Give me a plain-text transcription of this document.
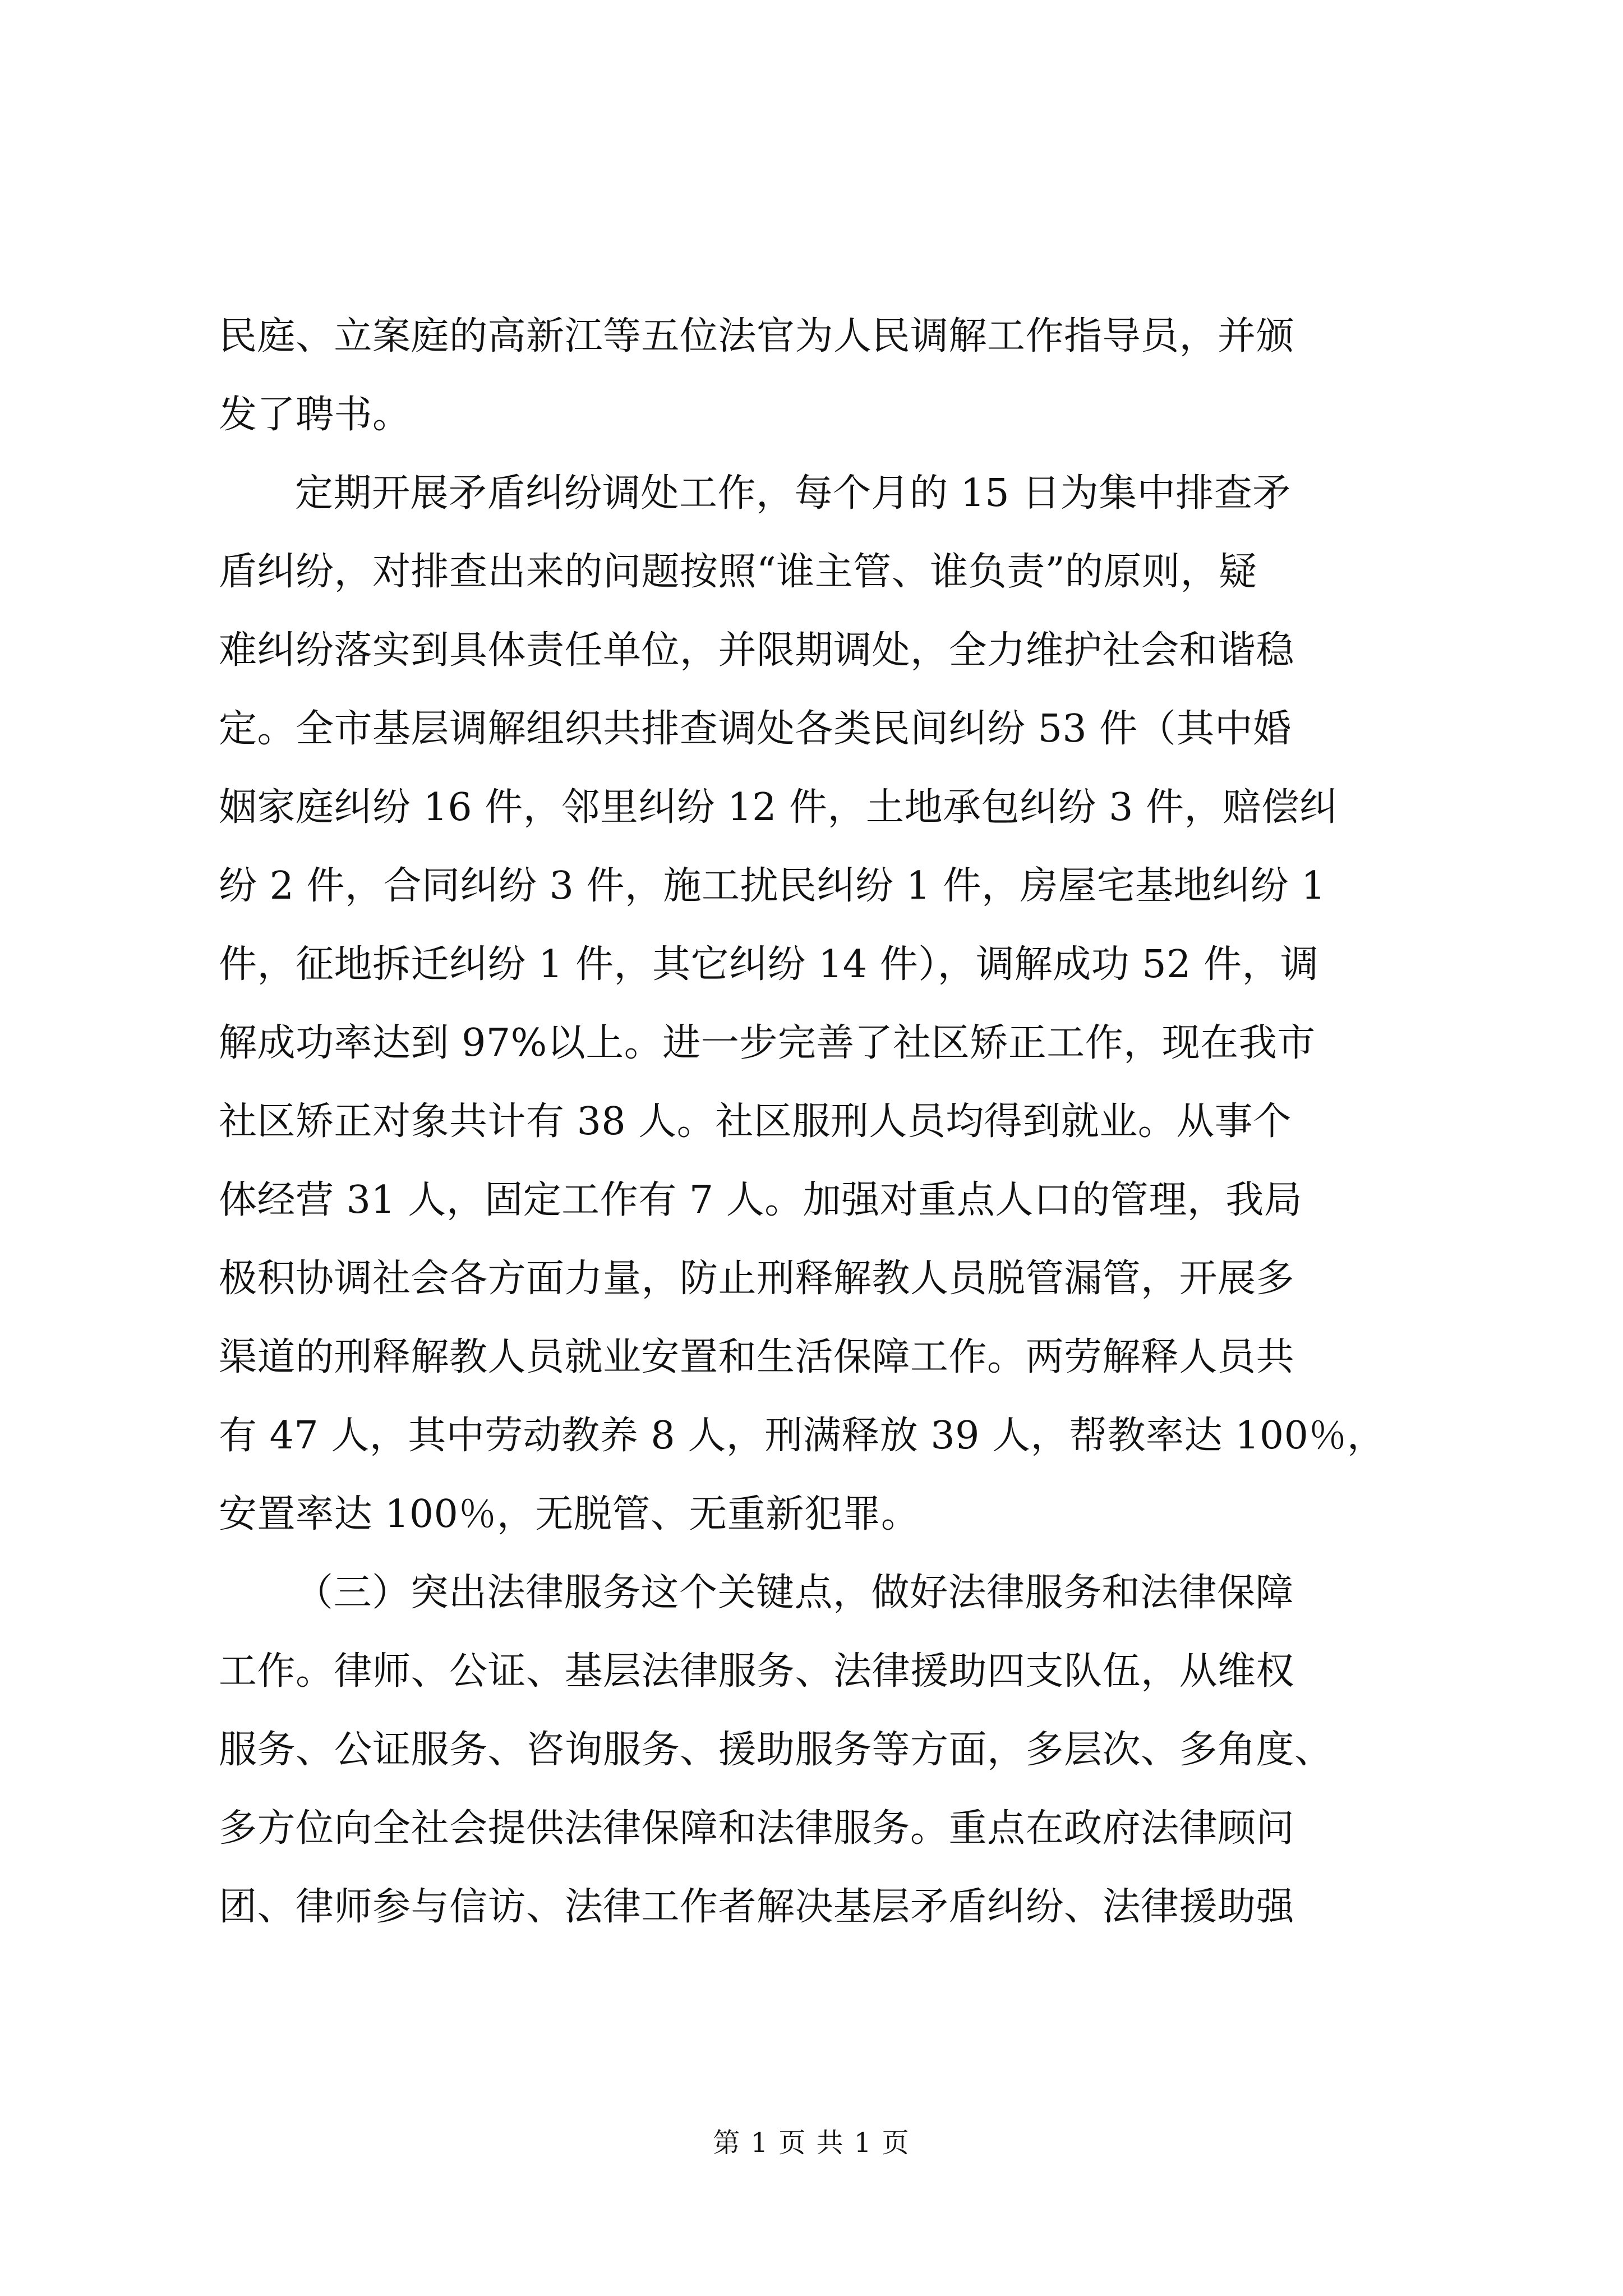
民庭、立案庭的高新江等五位法官为人民调解工作指导员，并颁
发了聘书。
定期开展矛盾纠纷调处工作，每个月的 15 日为集中排查矛
盾纠纷，对排查出来的问题按照“谁主管、谁负责”的原则，疑
难纠纷落实到具体责任单位，并限期调处，全力维护社会和谐稳
定。全市基层调解组织共排查调处各类民间纠纷 53 件（其中婚
姻家庭纠纷 16 件，邻里纠纷 12 件，土地承包纠纷 3 件，赔偿纠
纷 2 件，合同纠纷 3 件，施工扰民纠纷 1 件，房屋宅基地纠纷 1
件，征地拆迁纠纷 1 件，其它纠纷 14 件），调解成功 52 件，调
解成功率达到 97%以上。进一步完善了社区矫正工作，现在我市
社区矫正对象共计有 38 人。社区服刑人员均得到就业。从事个
体经营 31 人，固定工作有 7 人。加强对重点人口的管理，我局
极积协调社会各方面力量，防止刑释解教人员脱管漏管，开展多
渠道的刑释解教人员就业安置和生活保障工作。两劳解释人员共
有 47 人，其中劳动教养 8 人，刑满释放 39 人，帮教率达 100％，
安置率达 100％，无脱管、无重新犯罪。
（三）突出法律服务这个关键点，做好法律服务和法律保障
工作。律师、公证、基层法律服务、法律援助四支队伍，从维权
服务、公证服务、咨询服务、援助服务等方面，多层次、多角度、
多方位向全社会提供法律保障和法律服务。重点在政府法律顾问
团、律师参与信访、法律工作者解决基层矛盾纠纷、法律援助强
第 1 页 共 1 页
